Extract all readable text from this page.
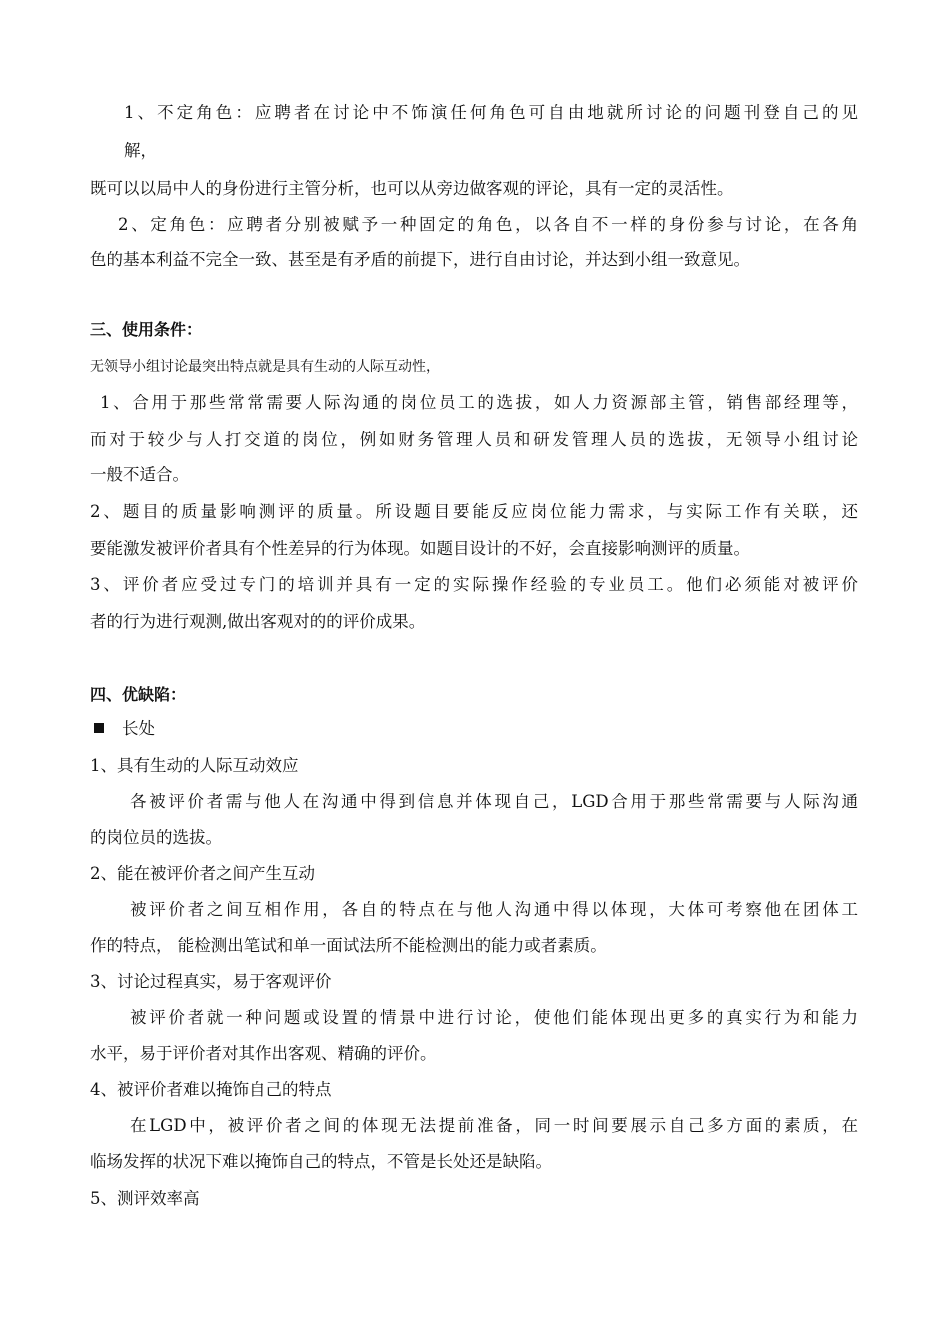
1、不定角色：应聘者在讨论中不饰演任何角色可自由地就所讨论的问题刊登自己的见
解，
既可以以局中人的身份进行主管分析，也可以从旁边做客观的评论，具有一定的灵活性。
2、定角色：应聘者分别被赋予一种固定的角色，以各自不一样的身份参与讨论，在各角
色的基本利益不完全一致、甚至是有矛盾的前提下，进行自由讨论，并达到小组一致意见。
三、使用条件：
无领导小组讨论最突出特点就是具有生动的人际互动性，
1、合用于那些常常需要人际沟通的岗位员工的选拔，如人力资源部主管，销售部经理等，
而对于较少与人打交道的岗位，例如财务管理人员和研发管理人员的选拔，无领导小组讨论
一般不适合。
2、题目的质量影响测评的质量。所设题目要能反应岗位能力需求，与实际工作有关联，还
要能激发被评价者具有个性差异的行为体现。如题目设计的不好，会直接影响测评的质量。
3、评价者应受过专门的培训并具有一定的实际操作经验的专业员工。他们必须能对被评价
者的行为进行观测,做出客观对的的评价成果。
四、优缺陷：
长处
1、具有生动的人际互动效应
各被评价者需与他人在沟通中得到信息并体现自己，LGD合用于那些常需要与人际沟通
的岗位员的选拔。
2、能在被评价者之间产生互动
被评价者之间互相作用，各自的特点在与他人沟通中得以体现，大体可考察他在团体工
作的特点， 能检测出笔试和单一面试法所不能检测出的能力或者素质。
3、讨论过程真实，易于客观评价
被评价者就一种问题或设置的情景中进行讨论，使他们能体现出更多的真实行为和能力
水平，易于评价者对其作出客观、精确的评价。
4、被评价者难以掩饰自己的特点
在LGD中，被评价者之间的体现无法提前准备，同一时间要展示自己多方面的素质，在
临场发挥的状况下难以掩饰自己的特点，不管是长处还是缺陷。
5、测评效率高
